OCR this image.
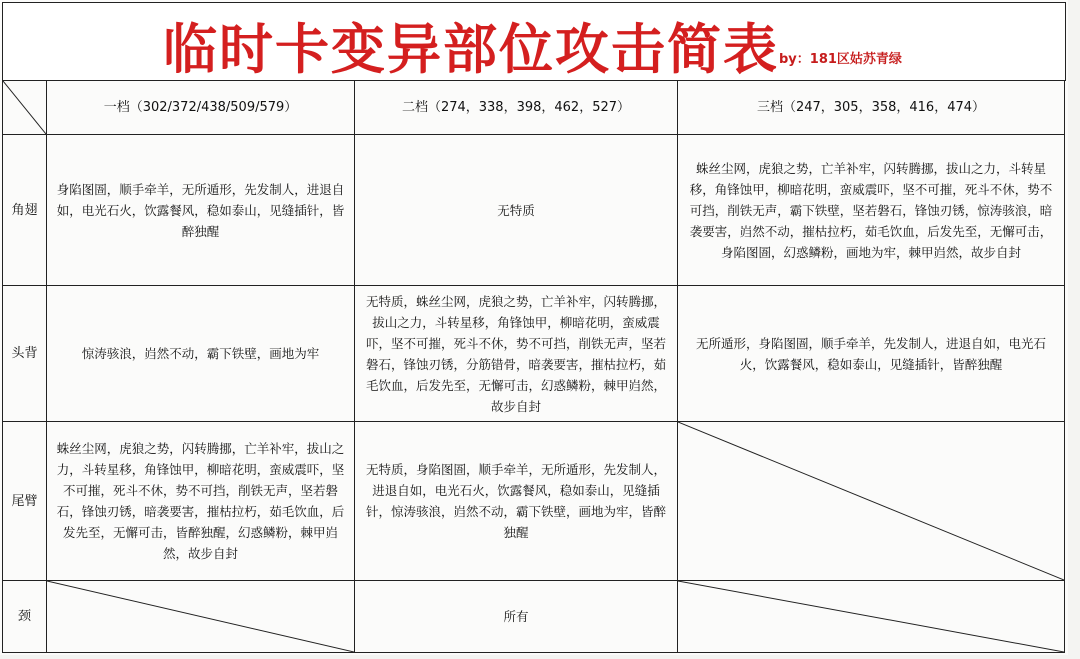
临时卡变异部位攻击简表 by：181区姑苏青绿
	一档（302/372/438/509/579）	二档（274，338，398，462，527）	三档（247，305，358，416，474）
角翅	身陷图圄，顺手牵羊，无所遁形，先发制人，进退自如，电光石火，饮露餐风，稳如泰山，见缝插针，皆醉独醒	无特质	蛛丝尘网，虎狼之势，亡羊补牢，闪转腾挪，拔山之力，斗转星移，角锋蚀甲，柳暗花明，蛮威震吓，坚不可摧，死斗不休，势不可挡，削铁无声，霸下铁壁，坚若磐石，锋蚀刃锈，惊涛骇浪，暗袭要害，岿然不动，摧枯拉朽，茹毛饮血，后发先至，无懈可击，身陷图圄，幻惑鳞粉，画地为牢，棘甲岿然，故步自封
头背	惊涛骇浪，岿然不动，霸下铁壁，画地为牢	无特质，蛛丝尘网，虎狼之势，亡羊补牢，闪转腾挪，拔山之力，斗转星移，角锋蚀甲，柳暗花明，蛮威震吓，坚不可摧，死斗不休，势不可挡，削铁无声，坚若磐石，锋蚀刃锈，分筋错骨，暗袭要害，摧枯拉朽，茹毛饮血，后发先至，无懈可击，幻惑鳞粉，棘甲岿然，故步自封	无所遁形，身陷图圄，顺手牵羊，先发制人，进退自如，电光石火，饮露餐风，稳如泰山，见缝插针，皆醉独醒
尾臂	蛛丝尘网，虎狼之势，闪转腾挪，亡羊补牢，拔山之力，斗转星移，角锋蚀甲，柳暗花明，蛮威震吓，坚不可摧，死斗不休，势不可挡，削铁无声，坚若磐石，锋蚀刃锈，暗袭要害，摧枯拉朽，茹毛饮血，后发先至，无懈可击，皆醉独醒，幻惑鳞粉，棘甲岿然，故步自封	无特质，身陷图圄，顺手牵羊，无所遁形，先发制人，进退自如，电光石火，饮露餐风，稳如泰山，见缝插针，惊涛骇浪，岿然不动，霸下铁壁，画地为牢，皆醉独醒	

颈		所有	
